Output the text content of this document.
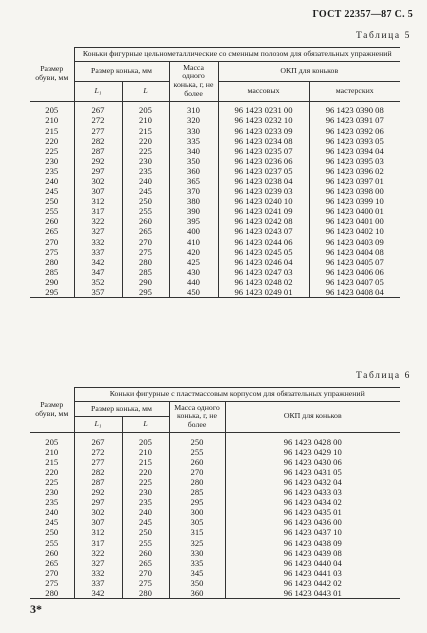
ГОСТ 22357—87 С. 5
Таблица 5
Размер обуви, мм	Коньки фигурные цельнометаллические со сменным полозом для обязательных упражнений				
	Размер конька, мм		Масса одного конька, г, не более	ОКП для коньков	
	L₁	L		массовых	мастерских
205	267	205	310	96 1423 0231 00	96 1423 0390 08
210	272	210	320	96 1423 0232 10	96 1423 0391 07
215	277	215	330	96 1423 0233 09	96 1423 0392 06
220	282	220	335	96 1423 0234 08	96 1423 0393 05
225	287	225	340	96 1423 0235 07	96 1423 0394 04
230	292	230	350	96 1423 0236 06	96 1423 0395 03
235	297	235	360	96 1423 0237 05	96 1423 0396 02
240	302	240	365	96 1423 0238 04	96 1423 0397 01
245	307	245	370	96 1423 0239 03	96 1423 0398 00
250	312	250	380	96 1423 0240 10	96 1423 0399 10
255	317	255	390	96 1423 0241 09	96 1423 0400 01
260	322	260	395	96 1423 0242 08	96 1423 0401 00
265	327	265	400	96 1423 0243 07	96 1423 0402 10
270	332	270	410	96 1423 0244 06	96 1423 0403 09
275	337	275	420	96 1423 0245 05	96 1423 0404 08
280	342	280	425	96 1423 0246 04	96 1423 0405 07
285	347	285	430	96 1423 0247 03	96 1423 0406 06
290	352	290	440	96 1423 0248 02	96 1423 0407 05
295	357	295	450	96 1423 0249 01	96 1423 0408 04
Таблица 6
Размер обуви, мм	Коньки фигурные с пластмассовым корпусом для обязательных упражнений			
	Размер конька, мм		Масса одного конька, г, не более	ОКП для коньков
	L₁	L		
205	267	205	250	96 1423 0428 00
210	272	210	255	96 1423 0429 10
215	277	215	260	96 1423 0430 06
220	282	220	270	96 1423 0431 05
225	287	225	280	96 1423 0432 04
230	292	230	285	96 1423 0433 03
235	297	235	295	96 1423 0434 02
240	302	240	300	96 1423 0435 01
245	307	245	305	96 1423 0436 00
250	312	250	315	96 1423 0437 10
255	317	255	325	96 1423 0438 09
260	322	260	330	96 1423 0439 08
265	327	265	335	96 1423 0440 04
270	332	270	345	96 1423 0441 03
275	337	275	350	96 1423 0442 02
280	342	280	360	96 1423 0443 01
3*
